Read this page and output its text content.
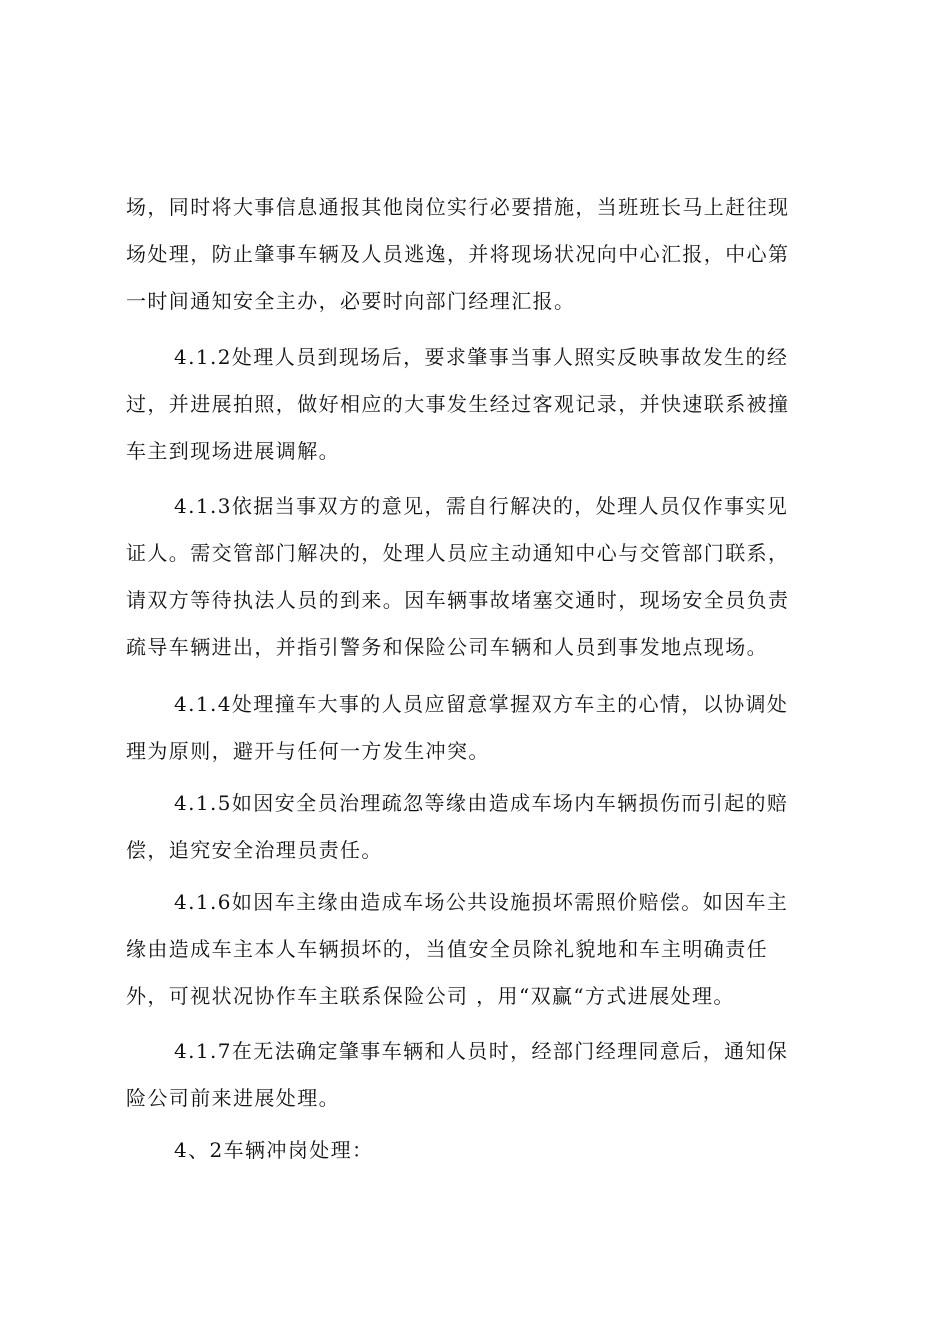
场，同时将大事信息通报其他岗位实行必要措施，当班班长马上赶往现
场处理，防止肇事车辆及人员逃逸，并将现场状况向中心汇报，中心第
一时间通知安全主办，必要时向部门经理汇报。

4.1.2处理人员到现场后，要求肇事当事人照实反映事故发生的经
过，并进展拍照，做好相应的大事发生经过客观记录，并快速联系被撞
车主到现场进展调解。

4.1.3依据当事双方的意见，需自行解决的，处理人员仅作事实见
证人。需交管部门解决的，处理人员应主动通知中心与交管部门联系，
请双方等待执法人员的到来。因车辆事故堵塞交通时，现场安全员负责
疏导车辆进出，并指引警务和保险公司车辆和人员到事发地点现场。

4.1.4处理撞车大事的人员应留意掌握双方车主的心情，以协调处
理为原则，避开与任何一方发生冲突。

4.1.5如因安全员治理疏忽等缘由造成车场内车辆损伤而引起的赔
偿，追究安全治理员责任。

4.1.6如因车主缘由造成车场公共设施损坏需照价赔偿。如因车主
缘由造成车主本人车辆损坏的，当值安全员除礼貌地和车主明确责任
外，可视状况协作车主联系保险公司 ，用“双赢“方式进展处理。

4.1.7在无法确定肇事车辆和人员时，经部门经理同意后，通知保
险公司前来进展处理。

4、2车辆冲岗处理：
